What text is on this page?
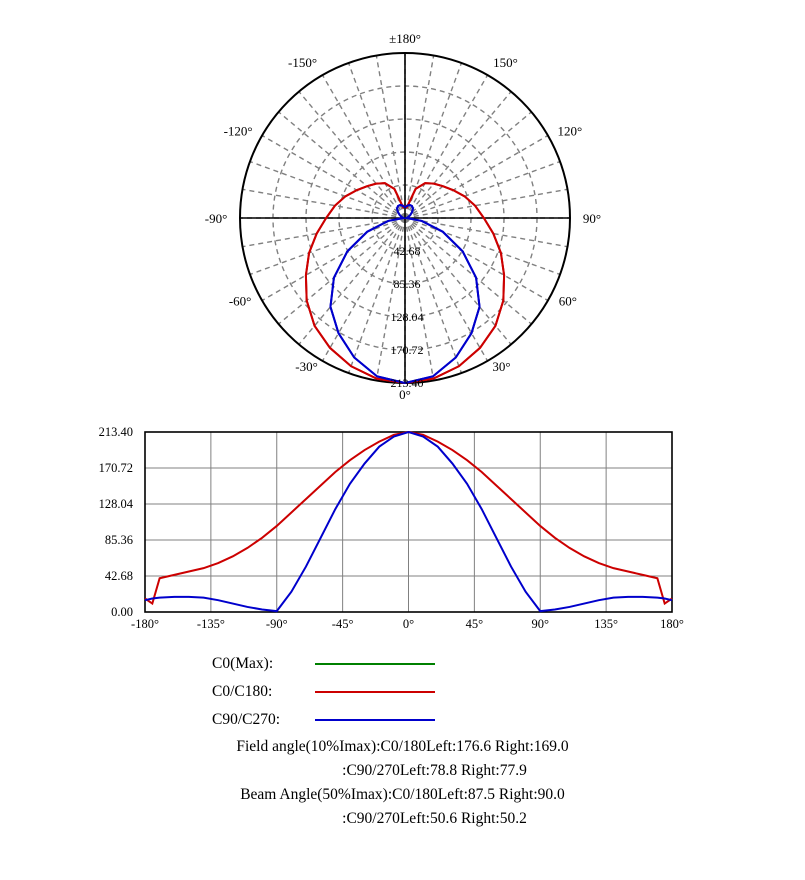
0°
30°
60°
90°
120°
150°
±180°
-150°
-120°
-90°
-60°
-30°
42.68
85.36
128.04
170.72
213.40
-180°	-135°	-90°	-45°	0°	45°	90°	135°	180°
0.00
42.68
85.36
128.04
170.72
213.40
C0(Max):
C0/C180:
C90/C270:
Field angle(10%Imax):C0/180Left:176.6 Right:169.0
:C90/270Left:78.8 Right:77.9
Beam Angle(50%Imax):C0/180Left:87.5 Right:90.0
:C90/270Left:50.6 Right:50.2
